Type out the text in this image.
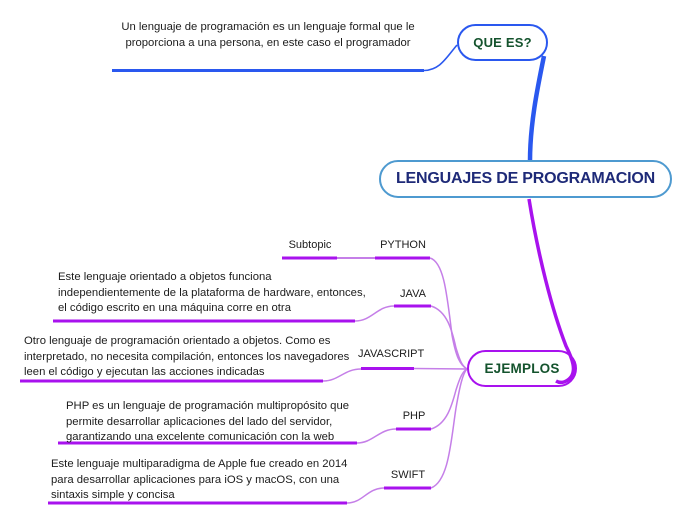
QUE ES?
LENGUAJES DE PROGRAMACION
EJEMPLOS
Un lenguaje de programación es un lenguaje formal que le proporciona a una persona, en este caso el programador
Subtopic	PYTHON
Este lenguaje orientado a objetos funciona independientemente de la plataforma de hardware, entonces, el código escrito en una máquina corre en otra
JAVA
Otro lenguaje de programación orientado a objetos. Como es interpretado, no necesita compilación, entonces los navegadores leen el código y ejecutan las acciones indicadas
JAVASCRIPT
PHP es un lenguaje de programación multipropósito que permite desarrollar aplicaciones del lado del servidor, garantizando una excelente comunicación con la web
PHP
Este lenguaje multiparadigma de Apple fue creado en 2014 para desarrollar aplicaciones para iOS y macOS, con una sintaxis simple y concisa
SWIFT
